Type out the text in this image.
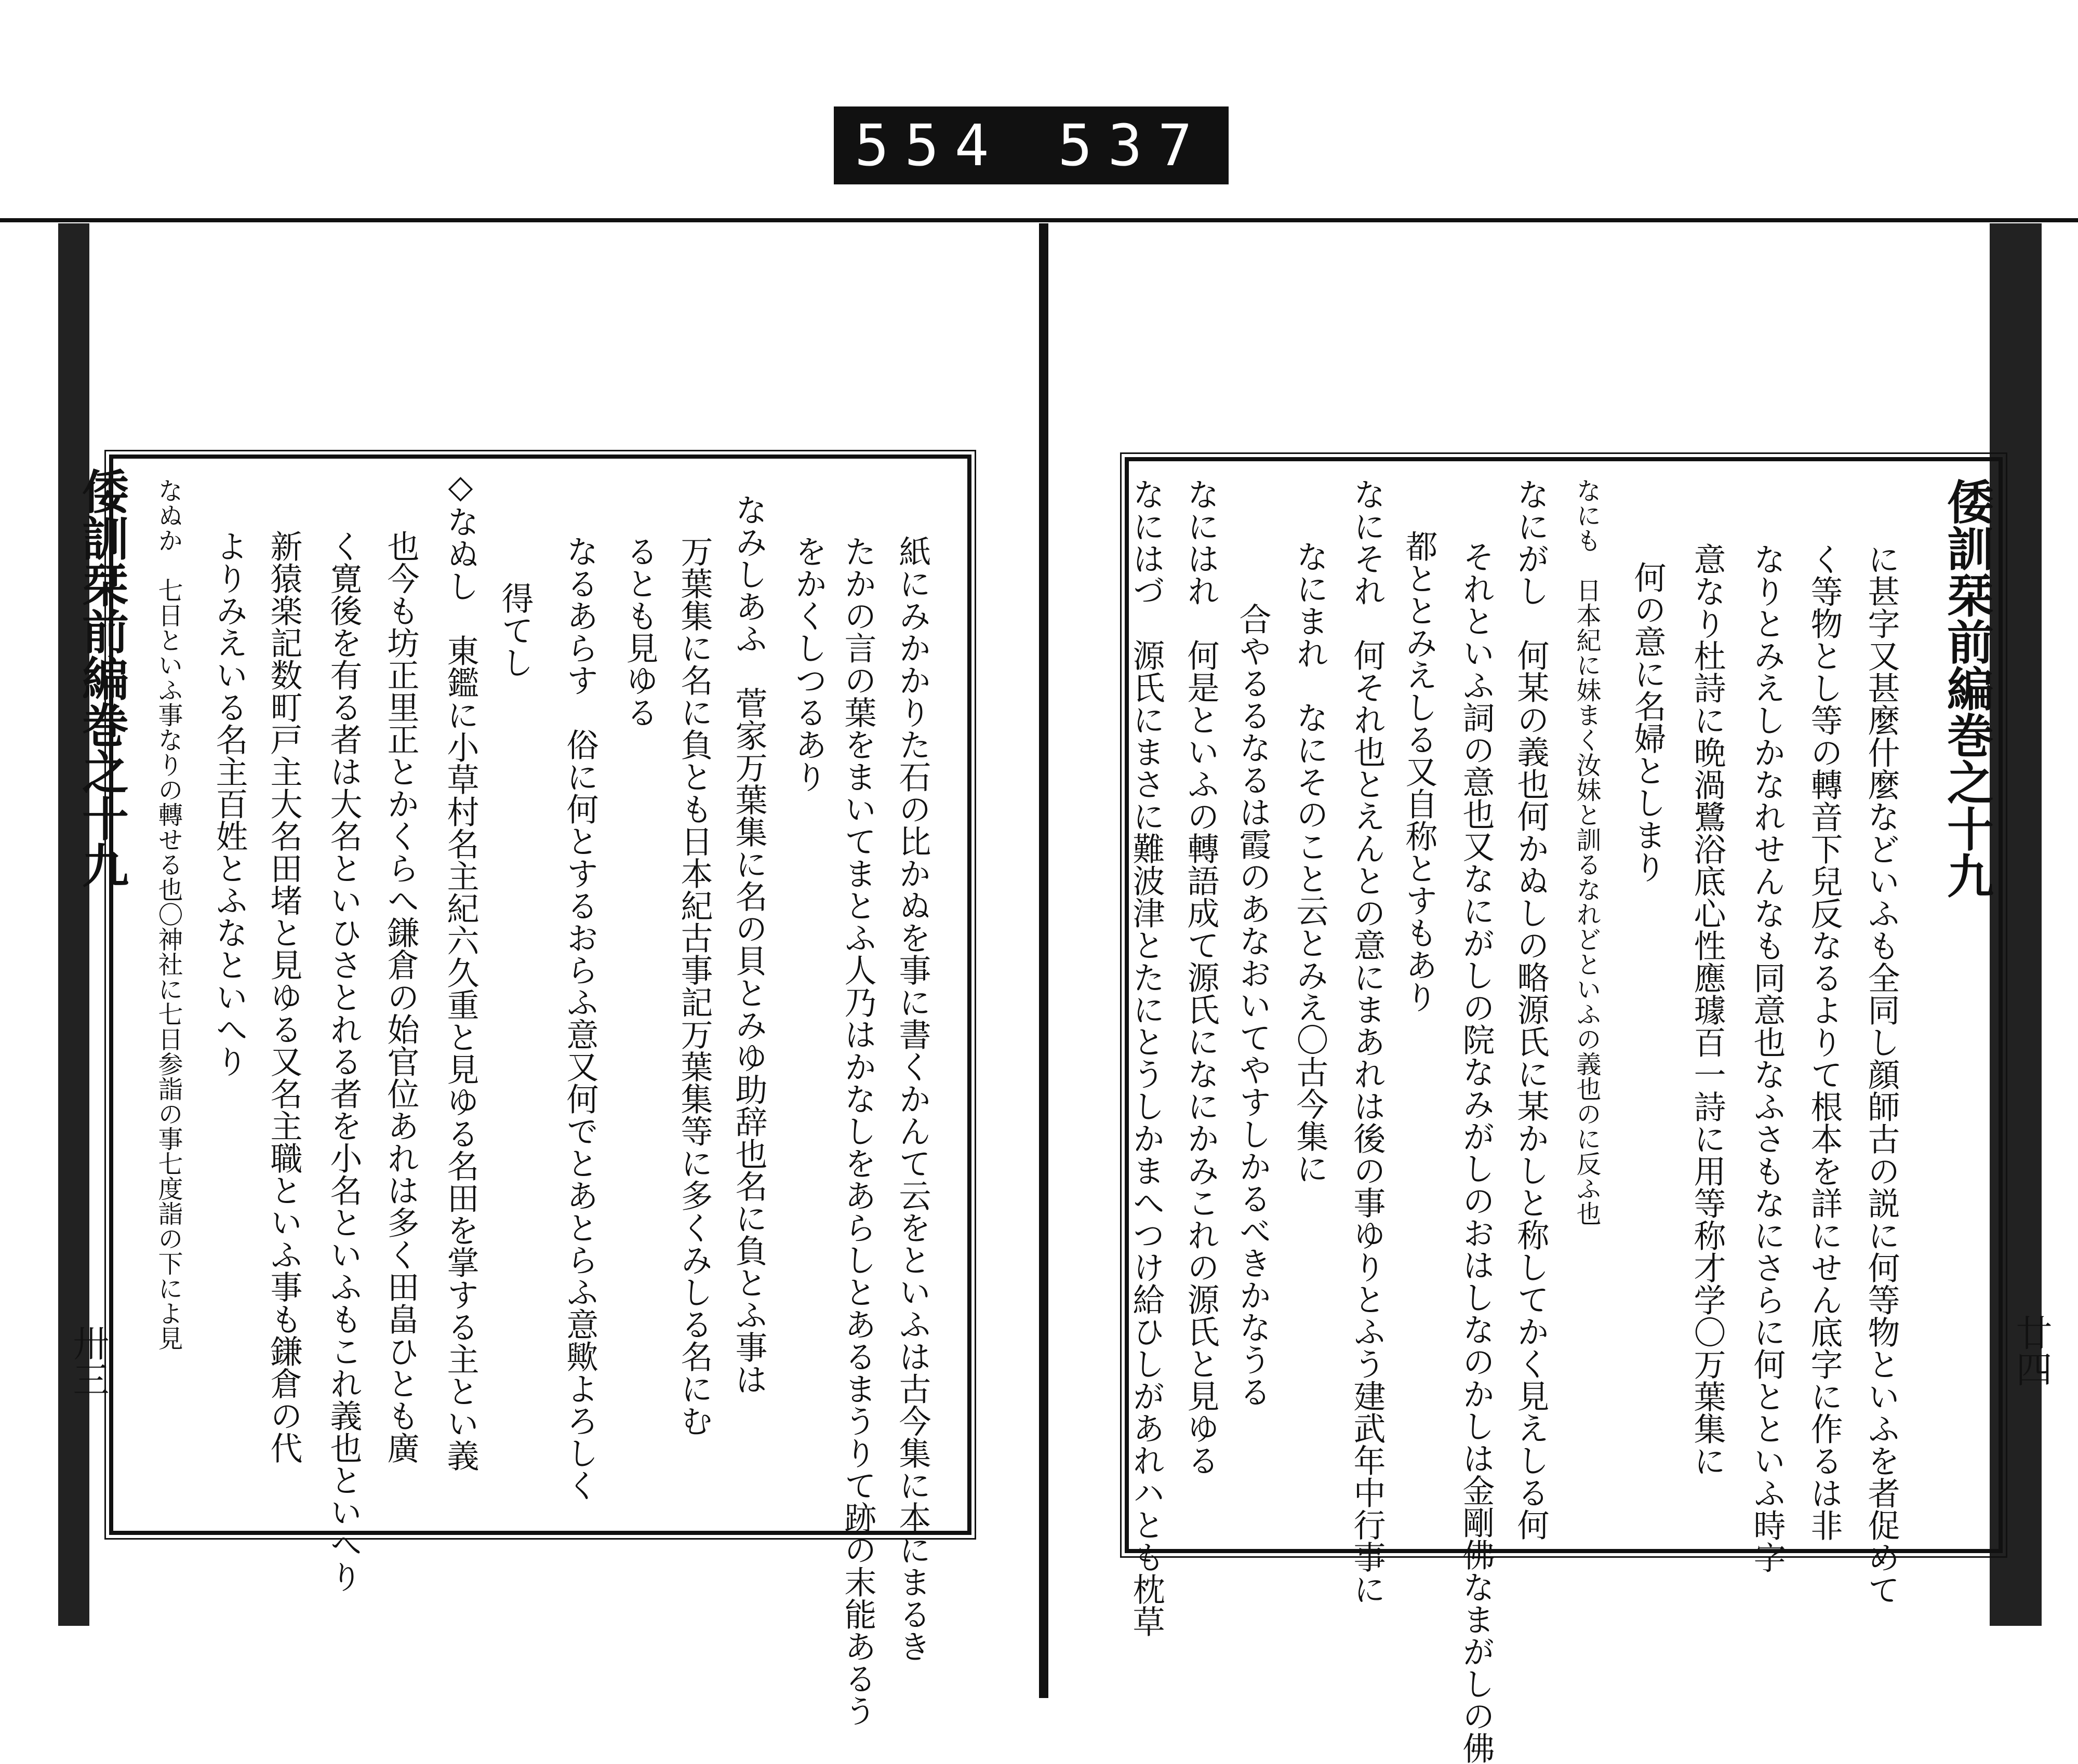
554 537
倭訓栞前編巻之十九
卅三	紙にみかかりた石の比かぬを事に書くかんて云をといふは古今集に本にまるき
たかの言の葉をまいてまとふ人乃はかなしをあらしとあるまうりて跡の末能あるう
をかくしつるあり
なみしあふ　菅家万葉集に名の貝とみゆ助辞也名に負とふ事は
万葉集に名に負とも日本紀古事記万葉集等に多くみしる名にむ
るとも見ゆる
なるあらす　俗に何とするおらふ意又何でとあとらふ意歟よろしく
得てし
◇なぬし　東鑑に小草村名主紀六久重と見ゆる名田を掌する主とい義
也今も坊正里正とかくらへ鎌倉の始官位あれは多く田畠ひとも廣
く寛後を有る者は大名といひさとれる者を小名といふもこれ義也といへり
新猿楽記数町戸主大名田堵と見ゆる又名主職といふ事も鎌倉の代
よりみえいる名主百姓とふなといへり
なぬか　七日といふ事なりの轉せる也〇神社に七日参詣の事七度詣の下によ見	倭訓栞前編巻之十九
廿四
に甚字又甚麼什麼などいふも全同し顔師古の説に何等物といふを者促めて
く等物とし等の轉音下兒反なるよりて根本を詳にせん底字に作るは非
なりとみえしかなれせんなも同意也なふさもなにさらに何とといふ時字
意なり杜詩に晩渦鷺浴底心性應璩百一詩に用等称才学〇万葉集に
何の意に名婦としまり
なにも　日本紀に妹まく汝妹と訓るなれどといふの義也のに反ふ也
なにがし　何某の義也何かぬしの略源氏に某かしと称してかく見えしる何
それといふ詞の意也又なにがしの院なみがしのおはしなのかしは金剛佛なまがしの佛
都ととみえしる又自称とすもあり
なにそれ　何それ也とえんとの意にまあれは後の事ゆりとふう建武年中行事に
なにまれ　なにそのこと云とみえ〇古今集に
合やるるなるは霞のあなおいてやすしかるべきかなうる
なにはれ　何是といふの轉語成て源氏になにかみこれの源氏と見ゆる
なにはづ　源氏にまさに難波津とたにとうしかまへつけ給ひしがあれハとも枕草
